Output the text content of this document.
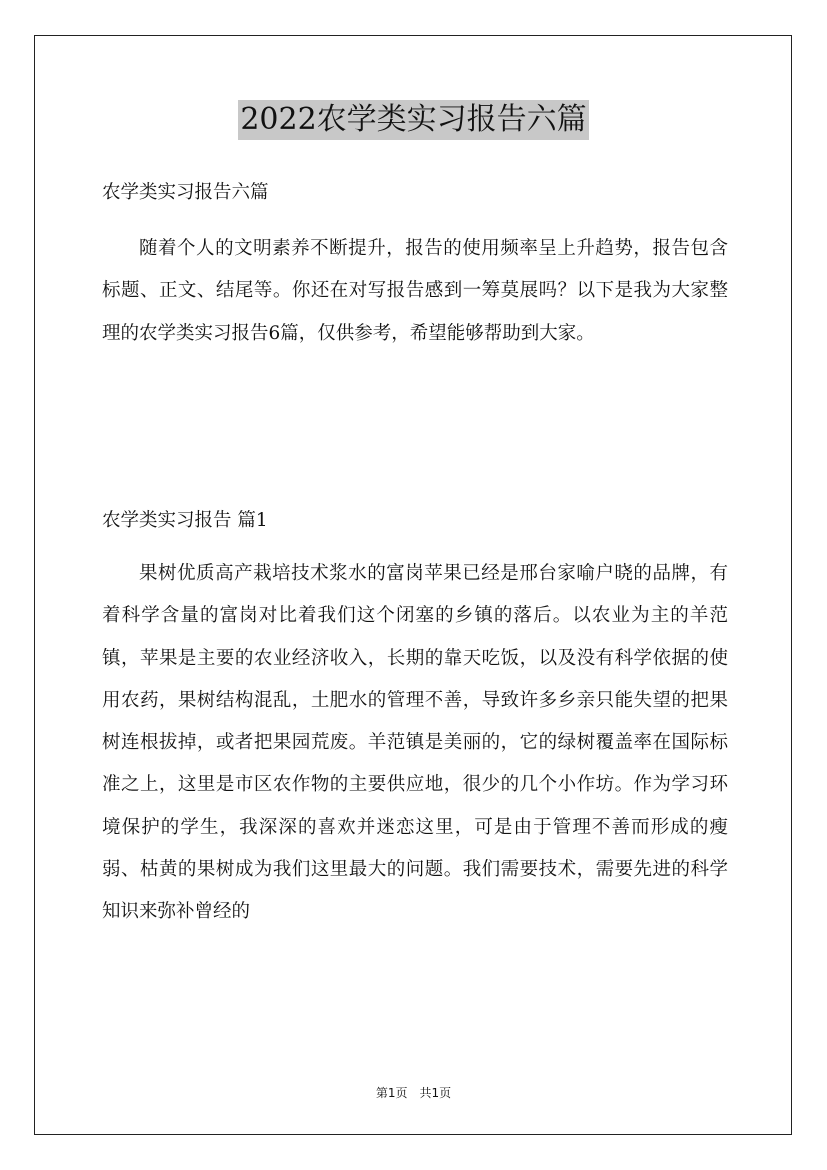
2022农学类实习报告六篇
农学类实习报告六篇

随着个人的文明素养不断提升，报告的使用频率呈上升趋势，报告包含标题、正文、结尾等。你还在对写报告感到一筹莫展吗？以下是我为大家整理的农学类实习报告6篇，仅供参考，希望能够帮助到大家。

农学类实习报告 篇1

果树优质高产栽培技术浆水的富岗苹果已经是邢台家喻户晓的品牌，有着科学含量的富岗对比着我们这个闭塞的乡镇的落后。以农业为主的羊范镇，苹果是主要的农业经济收入，长期的靠天吃饭，以及没有科学依据的使用农药，果树结构混乱，土肥水的管理不善，导致许多乡亲只能失望的把果树连根拔掉，或者把果园荒废。羊范镇是美丽的，它的绿树覆盖率在国际标准之上，这里是市区农作物的主要供应地，很少的几个小作坊。作为学习环境保护的学生，我深深的喜欢并迷恋这里，可是由于管理不善而形成的瘦弱、枯黄的果树成为我们这里最大的问题。我们需要技术，需要先进的科学知识来弥补曾经的

第1页　共1页
